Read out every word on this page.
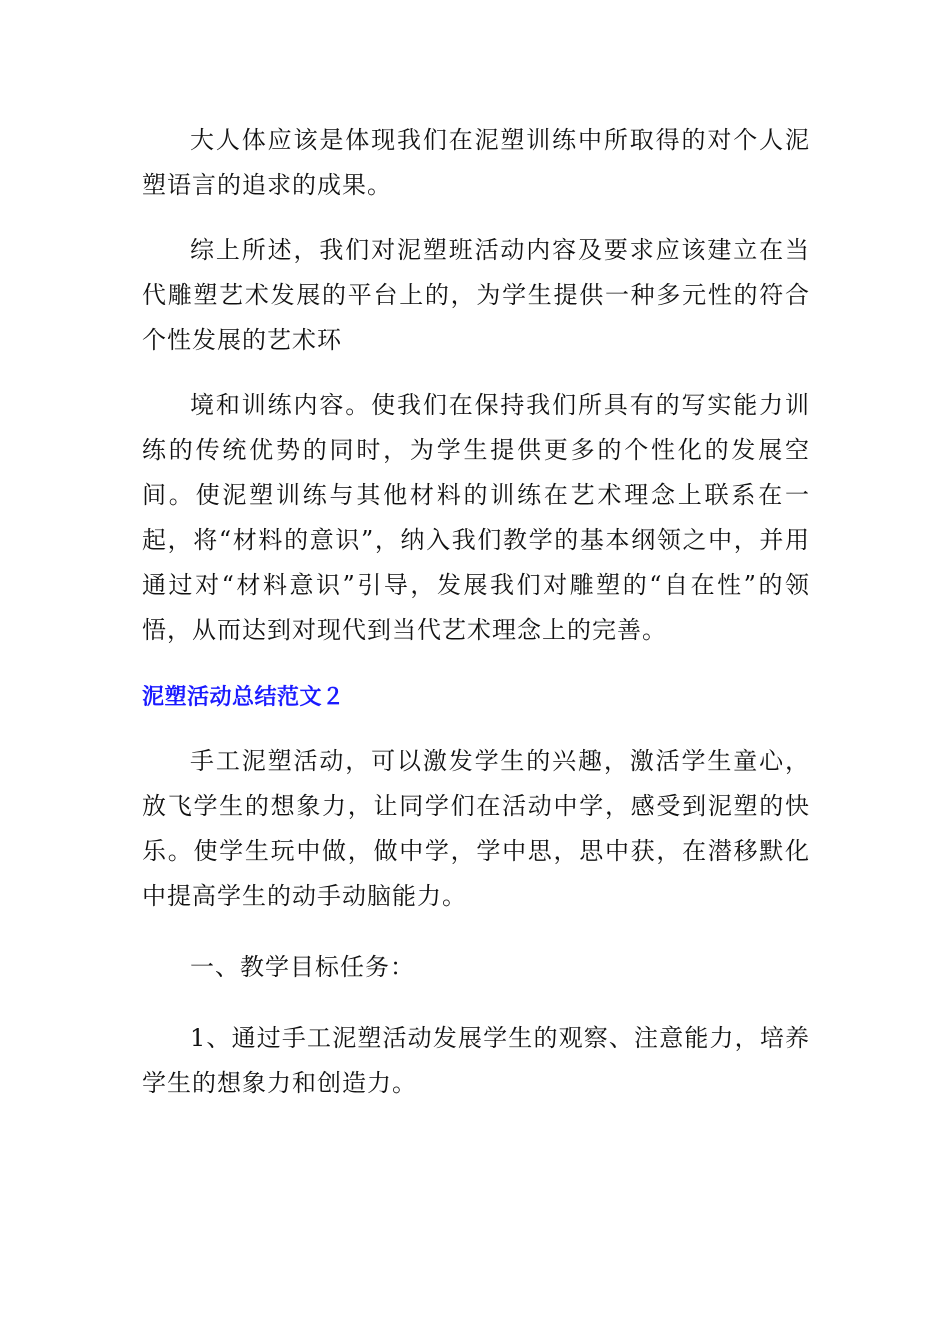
大人体应该是体现我们在泥塑训练中所取得的对个人泥塑语言的追求的成果。

综上所述，我们对泥塑班活动内容及要求应该建立在当代雕塑艺术发展的平台上的，为学生提供一种多元性的符合个性发展的艺术环

境和训练内容。使我们在保持我们所具有的写实能力训练的传统优势的同时，为学生提供更多的个性化的发展空间。使泥塑训练与其他材料的训练在艺术理念上联系在一起，将“材料的意识”，纳入我们教学的基本纲领之中，并用通过对“材料意识”引导，发展我们对雕塑的“自在性”的领悟，从而达到对现代到当代艺术理念上的完善。

泥塑活动总结范文２

手工泥塑活动，可以激发学生的兴趣，激活学生童心，放飞学生的想象力，让同学们在活动中学，感受到泥塑的快乐。使学生玩中做，做中学，学中思，思中获，在潜移默化中提高学生的动手动脑能力。

一、教学目标任务：

1、通过手工泥塑活动发展学生的观察、注意能力，培养学生的想象力和创造力。
